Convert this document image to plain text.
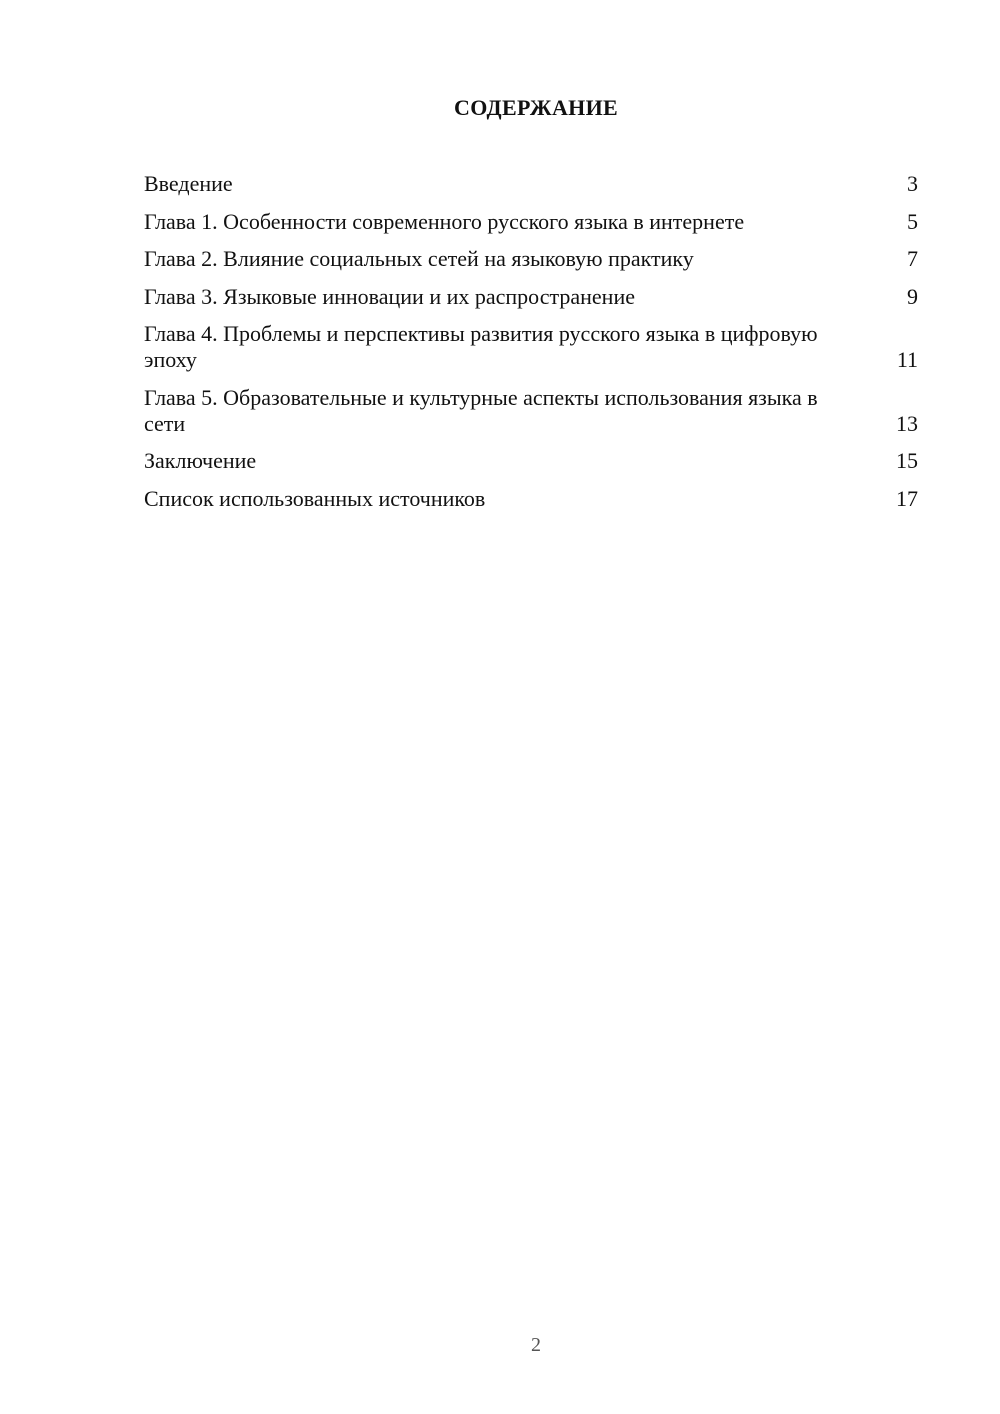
СОДЕРЖАНИЕ
Введение	3
Глава 1. Особенности современного русского языка в интернете	5
Глава 2. Влияние социальных сетей на языковую практику	7
Глава 3. Языковые инновации и их распространение	9
Глава 4. Проблемы и перспективы развития русского языка в цифровую эпоху	11
Глава 5. Образовательные и культурные аспекты использования языка в сети	13
Заключение	15
Список использованных источников	17
2
